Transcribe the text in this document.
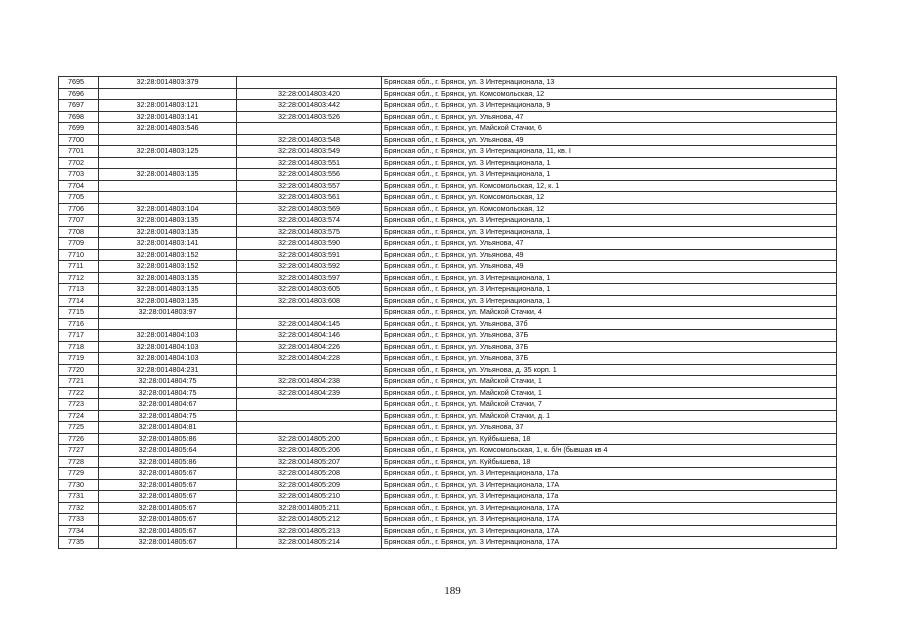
7695	32:28:0014803:379		Брянская обл., г. Брянск, ул. 3 Интернационала, 13
7696		32:28:0014803:420	Брянская обл., г. Брянск, ул. Комсомольская, 12
7697	32:28:0014803:121	32:28:0014803:442	Брянская обл., г. Брянск, ул. 3 Интернационала, 9
7698	32:28:0014803:141	32:28:0014803:526	Брянская обл., г. Брянск, ул. Ульянова, 47
7699	32:28:0014803:546		Брянская обл., г. Брянск, ул. Майской Стачки, 6
7700		32:28:0014803:548	Брянская обл., г. Брянск, ул. Ульянова, 49
7701	32:28:0014803:125	32:28:0014803:549	Брянская обл., г. Брянск, ул. 3 Интернационала, 11, кв. I
7702		32:28:0014803:551	Брянская обл., г. Брянск, ул. 3 Интернационала, 1
7703	32:28:0014803:135	32:28:0014803:556	Брянская обл., г. Брянск, ул. 3 Интернационала, 1
7704		32:28:0014803:557	Брянская обл., г. Брянск, ул. Комсомольская, 12, к. 1
7705		32:28:0014803:561	Брянская обл., г. Брянск, ул. Комсомольская, 12
7706	32:28:0014803:104	32:28:0014803:569	Брянская обл., г. Брянск, ул. Комсомольская, 12
7707	32:28:0014803:135	32:28:0014803:574	Брянская обл., г. Брянск, ул. 3 Интернационала, 1
7708	32:28:0014803:135	32:28:0014803:575	Брянская обл., г. Брянск, ул. 3 Интернационала, 1
7709	32:28:0014803:141	32:28:0014803:590	Брянская обл., г. Брянск, ул. Ульянова, 47
7710	32:28:0014803:152	32:28:0014803:591	Брянская обл., г. Брянск, ул. Ульянова, 49
7711	32:28:0014803:152	32:28:0014803:592	Брянская обл., г. Брянск, ул. Ульянова, 49
7712	32:28:0014803:135	32:28:0014803:597	Брянская обл., г. Брянск, ул. 3 Интернационала, 1
7713	32:28:0014803:135	32:28:0014803:605	Брянская обл., г. Брянск, ул. 3 Интернационала, 1
7714	32:28:0014803:135	32:28:0014803:608	Брянская обл., г. Брянск, ул. 3 Интернационала, 1
7715	32:28:0014803:97		Брянская обл., г. Брянск, ул. Майской Стачки, 4
7716		32:28:0014804:145	Брянская обл., г. Брянск, ул. Ульянова, 37б
7717	32:28:0014804:103	32:28:0014804:146	Брянская обл., г. Брянск, ул. Ульянова, 37Б
7718	32:28:0014804:103	32:28:0014804:226	Брянская обл., г. Брянск, ул. Ульянова, 37Б
7719	32:28:0014804:103	32:28:0014804:228	Брянская обл., г. Брянск, ул. Ульянова, 37Б
7720	32:28:0014804:231		Брянская обл., г. Брянск, ул. Ульянова, д. 35 корп. 1
7721	32:28:0014804:75	32:28:0014804:238	Брянская обл., г. Брянск, ул. Майской Стачки, 1
7722	32:28:0014804:75	32:28:0014804:239	Брянская обл., г. Брянск, ул. Майской Стачки, 1
7723	32:28:0014804:67		Брянская обл., г. Брянск, ул. Майской Стачки, 7
7724	32:28:0014804:75		Брянская обл., г. Брянск, ул. Майской Стачки, д. 1
7725	32:28:0014804:81		Брянская обл., г. Брянск, ул. Ульянова, 37
7726	32:28:0014805:86	32:28:0014805:200	Брянская обл., г. Брянск, ул. Куйбышева, 18
7727	32:28:0014805:64	32:28:0014805:206	Брянская обл., г. Брянск, ул. Комсомольская, 1, к. б/н (бывшая кв 4
7728	32:28:0014805:86	32:28:0014805:207	Брянская обл., г. Брянск, ул. Куйбышева, 18
7729	32:28:0014805:67	32:28:0014805:208	Брянская обл., г. Брянск, ул. 3 Интернационала, 17а
7730	32:28:0014805:67	32:28:0014805:209	Брянская обл., г. Брянск, ул. 3 Интернационала, 17А
7731	32:28:0014805:67	32:28:0014805:210	Брянская обл., г. Брянск, ул. 3 Интернационала, 17а
7732	32:28:0014805:67	32:28:0014805:211	Брянская обл., г. Брянск, ул. 3 Интернационала, 17А
7733	32:28:0014805:67	32:28:0014805:212	Брянская обл., г. Брянск, ул. 3 Интернационала, 17А
7734	32:28:0014805:67	32:28:0014805:213	Брянская обл., г. Брянск, ул. 3 Интернационала, 17А
7735	32:28:0014805:67	32:28:0014805:214	Брянская обл., г. Брянск, ул. 3 Интернационала, 17А
189
